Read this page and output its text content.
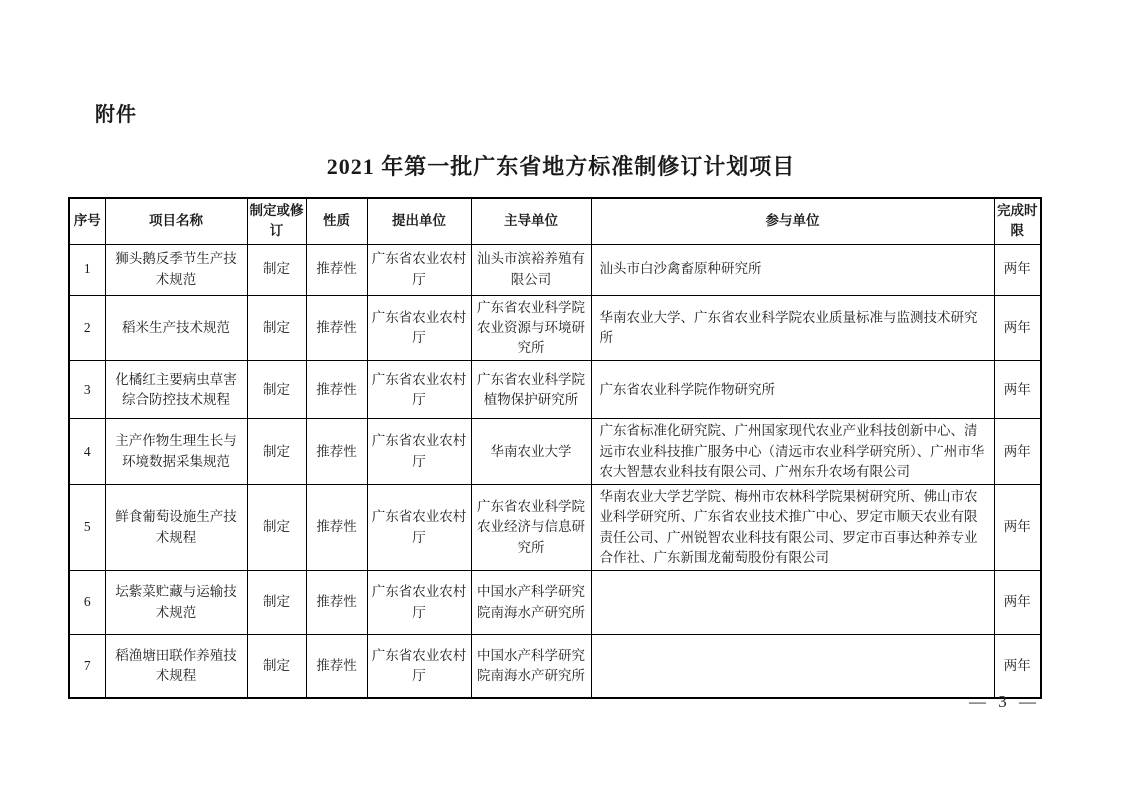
附件
2021 年第一批广东省地方标准制修订计划项目
序号	项目名称	制定或修订	性质	提出单位	主导单位	参与单位	完成时限
1	狮头鹅反季节生产技术规范	制定	推荐性	广东省农业农村厅	汕头市滨裕养殖有限公司	汕头市白沙禽畜原种研究所	两年
2	稻米生产技术规范	制定	推荐性	广东省农业农村厅	广东省农业科学院农业资源与环境研究所	华南农业大学、广东省农业科学院农业质量标准与监测技术研究所	两年
3	化橘红主要病虫草害综合防控技术规程	制定	推荐性	广东省农业农村厅	广东省农业科学院植物保护研究所	广东省农业科学院作物研究所	两年
4	主产作物生理生长与环境数据采集规范	制定	推荐性	广东省农业农村厅	华南农业大学	广东省标准化研究院、广州国家现代农业产业科技创新中心、清远市农业科技推广服务中心（清远市农业科学研究所）、广州市华农大智慧农业科技有限公司、广州东升农场有限公司	两年
5	鲜食葡萄设施生产技术规程	制定	推荐性	广东省农业农村厅	广东省农业科学院农业经济与信息研究所	华南农业大学艺学院、梅州市农林科学院果树研究所、佛山市农业科学研究所、广东省农业技术推广中心、罗定市顺天农业有限责任公司、广州锐智农业科技有限公司、罗定市百事达种养专业合作社、广东新围龙葡萄股份有限公司	两年
6	坛紫菜贮藏与运输技术规范	制定	推荐性	广东省农业农村厅	中国水产科学研究院南海水产研究所		两年
7	稻渔塘田联作养殖技术规程	制定	推荐性	广东省农业农村厅	中国水产科学研究院南海水产研究所		两年
— 3 —
